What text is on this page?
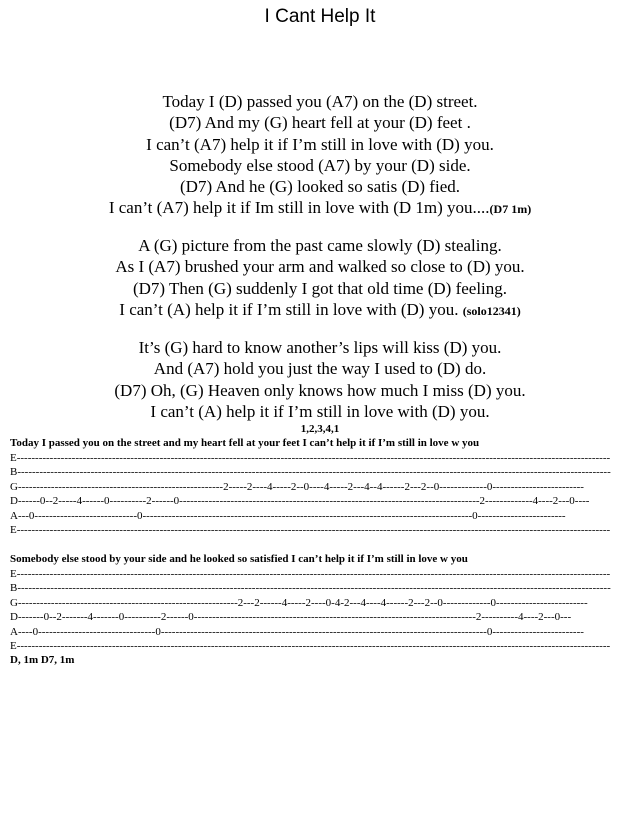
I Cant Help It
Today I (D) passed you (A7) on the (D) street.
(D7) And my (G) heart fell at your (D) feet .
I can’t (A7) help it if I’m still in love with (D) you.
Somebody else stood (A7) by your (D) side.
(D7) And he (G) looked so satis (D) fied.
I can’t (A7) help it if Im still in love with (D 1m) you....(D7 1m)
A (G) picture from the past came slowly (D) stealing.
As I (A7) brushed your arm and walked so close to (D) you.
(D7) Then (G) suddenly I got that old time (D) feeling.
I can’t (A) help it if I’m still in love with (D) you. (solo12341)
It’s (G) hard to know another’s lips will kiss (D) you.
And (A7) hold you just the way I used to (D) do.
(D7) Oh, (G) Heaven only knows how much I miss (D) you.
I can’t (A) help it if I’m still in love with (D) you.
1,2,3,4,1
Today I passed you on the street and my heart fell at your feet I can’t help it if I’m still in love w you
E------------------------------------------------------------------------------------------------------------------------------------------------------------------
B------------------------------------------------------------------------------------------------------------------------------------------------------------------
G--------------------------------------------------------2-----2----4-----2--0----4-----2---4--4------2---2--0-------------0-------------------------
D------0--2-----4------0----------2------0----------------------------------------------------------------------------------2-------------4----2---0----
A---0----------------------------0------------------------------------------------------------------------------------------0------------------------
E------------------------------------------------------------------------------------------------------------------------------------------------------------------
Somebody else stood by your side and he looked so satisfied I can’t help it if I’m still in love w you
E------------------------------------------------------------------------------------------------------------------------------------------------------------------
B------------------------------------------------------------------------------------------------------------------------------------------------------------------
G------------------------------------------------------------2---2------4-----2----0-4-2---4----4------2---2--0-------------0-------------------------
D-------0--2-------4-------0----------2------0-----------------------------------------------------------------------------2----------4----2---0---
A----0--------------------------------0-----------------------------------------------------------------------------------------0-------------------------
E------------------------------------------------------------------------------------------------------------------------------------------------------------------
D, 1m D7, 1m
